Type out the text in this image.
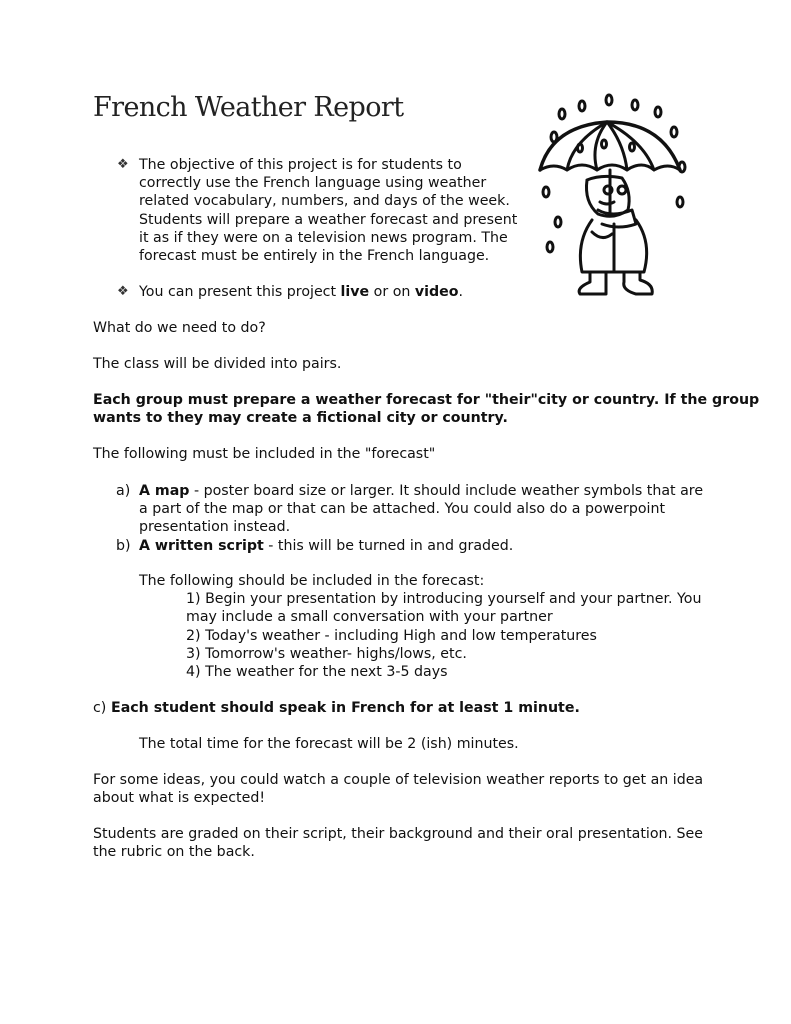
French Weather Report
❖ The objective of this project is for students to
correctly use the French language using weather
related vocabulary, numbers, and days of the week.
Students will prepare a weather forecast and present
it as if they were on a television news program. The
forecast must be entirely in the French language.
❖ You can present this project live or on video.
What do we need to do?
The class will be divided into pairs.
Each group must prepare a weather forecast for "their"city or country. If the group
wants to they may create a fictional city or country.
The following must be included in the "forecast"
a) A map - poster board size or larger. It should include weather symbols that are
a part of the map or that can be attached. You could also do a powerpoint
presentation instead.
b) A written script - this will be turned in and graded.
The following should be included in the forecast:
1) Begin your presentation by introducing yourself and your partner. You
may include a small conversation with your partner
2) Today's weather - including High and low temperatures
3) Tomorrow's weather- highs/lows, etc.
4) The weather for the next 3-5 days
c) Each student should speak in French for at least 1 minute.
The total time for the forecast will be 2 (ish) minutes.
For some ideas, you could watch a couple of television weather reports to get an idea
about what is expected!
Students are graded on their script, their background and their oral presentation. See
the rubric on the back.
